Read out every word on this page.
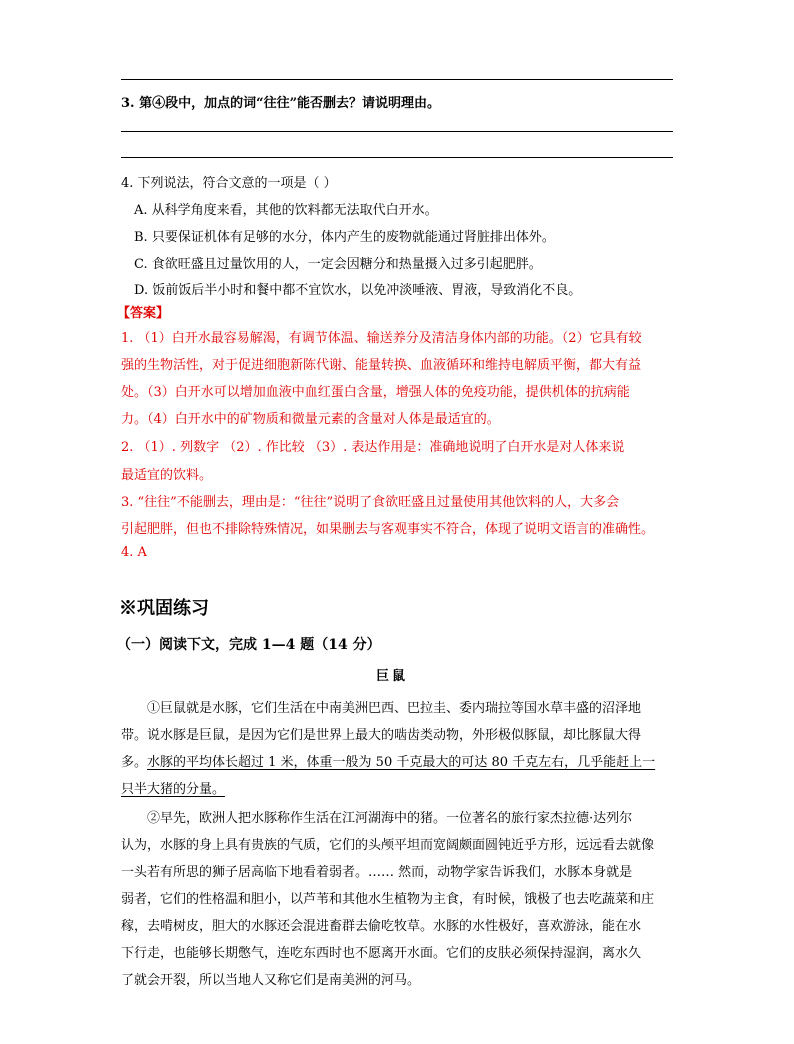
3. 第④段中，加点的词“往往”能否删去？请说明理由。
4. 下列说法，符合文意的一项是（ ）
A. 从科学角度来看，其他的饮料都无法取代白开水。
B. 只要保证机体有足够的水分，体内产生的废物就能通过肾脏排出体外。
C. 食欲旺盛且过量饮用的人，一定会因糖分和热量摄入过多引起肥胖。
D. 饭前饭后半小时和餐中都不宜饮水，以免冲淡唾液、胃液，导致消化不良。
【答案】
1. （1）白开水最容易解渴，有调节体温、输送养分及清洁身体内部的功能。（2）它具有较
强的生物活性，对于促进细胞新陈代谢、能量转换、血液循环和维持电解质平衡，都大有益
处。（3）白开水可以增加血液中血红蛋白含量，增强人体的免疫功能，提供机体的抗病能
力。（4）白开水中的矿物质和微量元素的含量对人体是最适宜的。
2. （1）. 列数字 （2）. 作比较 （3）. 表达作用是：准确地说明了白开水是对人体来说
最适宜的饮料。
3. “往往”不能删去，理由是：“往往”说明了食欲旺盛且过量使用其他饮料的人，大多会
引起肥胖，但也不排除特殊情况，如果删去与客观事实不符合，体现了说明文语言的准确性。
4. A
※巩固练习
（一）阅读下文，完成 1—4 题（14 分）
巨鼠
①巨鼠就是水豚，它们生活在中南美洲巴西、巴拉圭、委内瑞拉等国水草丰盛的沼泽地
带。说水豚是巨鼠，是因为它们是世界上最大的啮齿类动物，外形极似豚鼠，却比豚鼠大得
多。 水豚的平均体长超过 1 米，体重一般为 50 千克最大的可达 80 千克左右，几乎能赶上一
只半大猪的分量。
②早先，欧洲人把水豚称作生活在江河湖海中的猪。一位著名的旅行家杰拉德·达列尔
认为，水豚的身上具有贵族的气质，它们的头颅平坦而宽阔颇面圆钝近乎方形，远远看去就像
一头若有所思的狮子居高临下地看着弱者。…… 然而，动物学家告诉我们，水豚本身就是
弱者，它们的性格温和胆小，以芦苇和其他水生植物为主食，有时候，饿极了也去吃蔬菜和庄
稼，去啃树皮，胆大的水豚还会混进畜群去偷吃牧草。水豚的水性极好，喜欢游泳，能在水
下行走，也能够长期憋气，连吃东西时也不愿离开水面。它们的皮肤必须保持湿润，离水久
了就会开裂，所以当地人又称它们是南美洲的河马。
